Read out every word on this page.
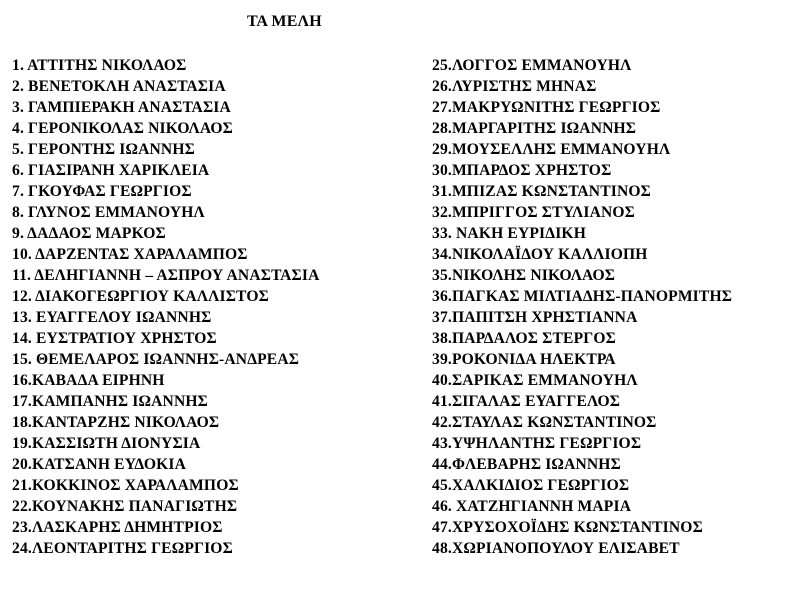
ΤΑ ΜΕΛΗ
1. ΑΤΤΙΤΗΣ ΝΙΚΟΛΑΟΣ
2. ΒΕΝΕΤΟΚΛΗ ΑΝΑΣΤΑΣΙΑ
3. ΓΑΜΠΙΕΡΑΚΗ ΑΝΑΣΤΑΣΙΑ
4. ΓΕΡΟΝΙΚΟΛΑΣ ΝΙΚΟΛΑΟΣ
5. ΓΕΡΟΝΤΗΣ ΙΩΑΝΝΗΣ
6. ΓΙΑΣΙΡΑΝΗ ΧΑΡΙΚΛΕΙΑ
7. ΓΚΟΥΦΑΣ ΓΕΩΡΓΙΟΣ
8. ΓΛΥΝΟΣ ΕΜΜΑΝΟΥΗΛ
9. ΔΑΔΑΟΣ ΜΑΡΚΟΣ
10. ΔΑΡΖΕΝΤΑΣ ΧΑΡΑΛΑΜΠΟΣ
11. ΔΕΛΗΓΙΑΝΝΗ – ΑΣΠΡΟΥ ΑΝΑΣΤΑΣΙΑ
12. ΔΙΑΚΟΓΕΩΡΓΙΟΥ ΚΑΛΛΙΣΤΟΣ
13. ΕΥΑΓΓΕΛΟΥ ΙΩΑΝΝΗΣ
14. ΕΥΣΤΡΑΤΙΟΥ ΧΡΗΣΤΟΣ
15. ΘΕΜΕΛΑΡΟΣ ΙΩΑΝΝΗΣ-ΑΝΔΡΕΑΣ
16.ΚΑΒΑΔΑ ΕΙΡΗΝΗ
17.ΚΑΜΠΑΝΗΣ ΙΩΑΝΝΗΣ
18.ΚΑΝΤΑΡΖΗΣ ΝΙΚΟΛΑΟΣ
19.ΚΑΣΣΙΩΤΗ ΔΙΟΝΥΣΙΑ
20.ΚΑΤΣΑΝΗ ΕΥΔΟΚΙΑ
21.ΚΟΚΚΙΝΟΣ ΧΑΡΑΛΑΜΠΟΣ
22.ΚΟΥΝΑΚΗΣ ΠΑΝΑΓΙΩΤΗΣ
23.ΛΑΣΚΑΡΗΣ ΔΗΜΗΤΡΙΟΣ
24.ΛΕΟΝΤΑΡΙΤΗΣ ΓΕΩΡΓΙΟΣ
25.ΛΟΓΓΟΣ ΕΜΜΑΝΟΥΗΛ
26.ΛΥΡΙΣΤΗΣ ΜΗΝΑΣ
27.ΜΑΚΡΥΩΝΙΤΗΣ ΓΕΩΡΓΙΟΣ
28.ΜΑΡΓΑΡΙΤΗΣ ΙΩΑΝΝΗΣ
29.ΜΟΥΣΕΛΛΗΣ ΕΜΜΑΝΟΥΗΛ
30.ΜΠΑΡΔΟΣ ΧΡΗΣΤΟΣ
31.ΜΠΙΖΑΣ ΚΩΝΣΤΑΝΤΙΝΟΣ
32.ΜΠΡΙΓΓΟΣ ΣΤΥΛΙΑΝΟΣ
33. ΝΑΚΗ ΕΥΡΙΔΙΚΗ
34.ΝΙΚΟΛΑΪΔΟΥ ΚΑΛΛΙΟΠΗ
35.ΝΙΚΟΛΗΣ ΝΙΚΟΛΑΟΣ
36.ΠΑΓΚΑΣ ΜΙΛΤΙΑΔΗΣ-ΠΑΝΟΡΜΙΤΗΣ
37.ΠΑΠΙΤΣΗ ΧΡΗΣΤΙΑΝΝΑ
38.ΠΑΡΔΑΛΟΣ ΣΤΕΡΓΟΣ
39.ΡΟΚΟΝΙΔΑ ΗΛΕΚΤΡΑ
40.ΣΑΡΙΚΑΣ ΕΜΜΑΝΟΥΗΛ
41.ΣΙΓΑΛΑΣ ΕΥΑΓΓΕΛΟΣ
42.ΣΤΑΥΛΑΣ ΚΩΝΣΤΑΝΤΙΝΟΣ
43.ΥΨΗΛΑΝΤΗΣ ΓΕΩΡΓΙΟΣ
44.ΦΛΕΒΑΡΗΣ ΙΩΑΝΝΗΣ
45.ΧΑΛΚΙΔΙΟΣ ΓΕΩΡΓΙΟΣ
46. ΧΑΤΖΗΓΙΑΝΝΗ ΜΑΡΙΑ
47.ΧΡΥΣΟΧΟΪΔΗΣ ΚΩΝΣΤΑΝΤΙΝΟΣ
48.ΧΩΡΙΑΝΟΠΟΥΛΟΥ ΕΛΙΣΑΒΕΤ
